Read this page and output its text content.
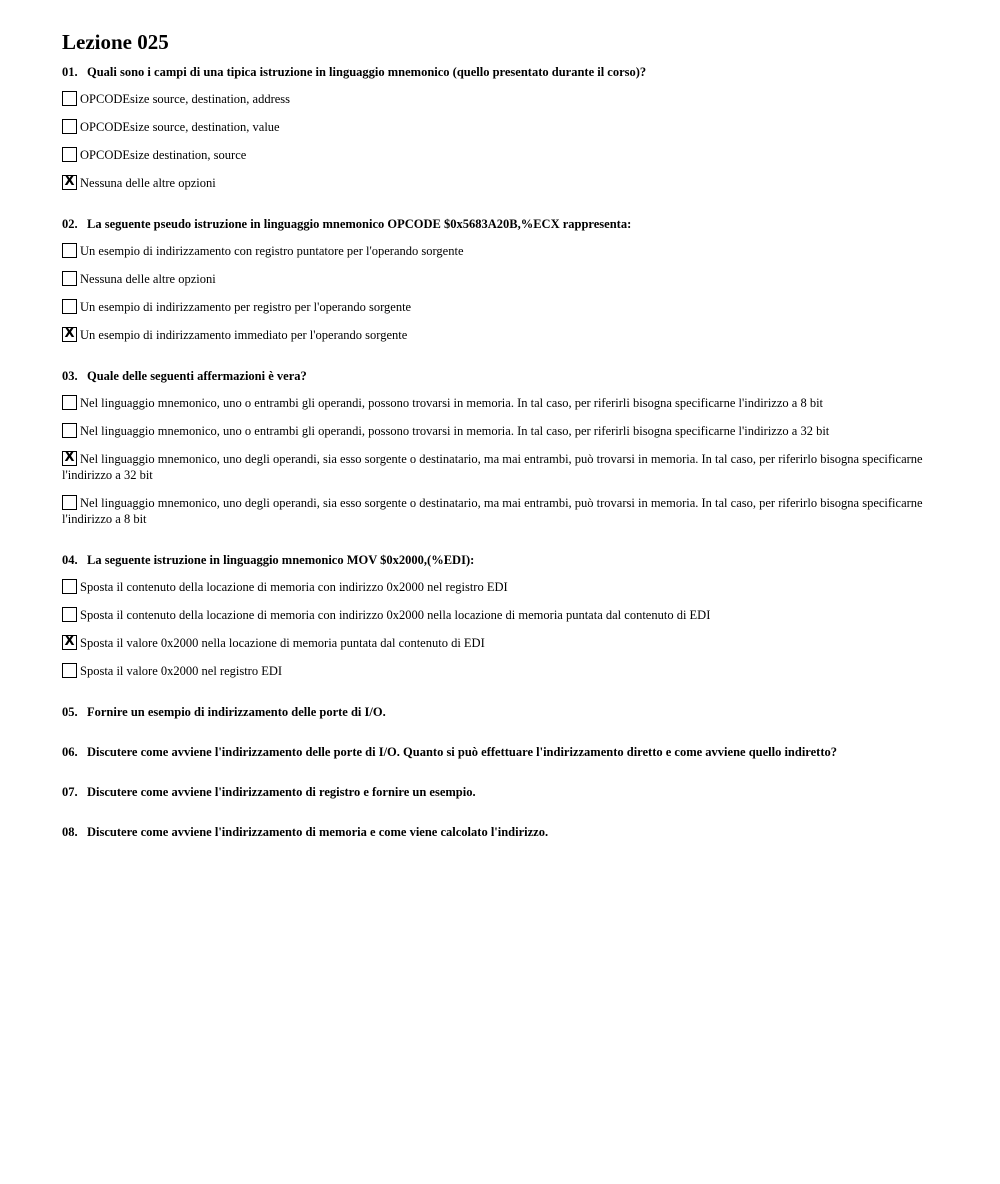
Lezione 025
01. Quali sono i campi di una tipica istruzione in linguaggio mnemonico (quello presentato durante il corso)?
OPCODEsize source, destination, address
OPCODEsize source, destination, value
OPCODEsize destination, source
X Nessuna delle altre opzioni
02. La seguente pseudo istruzione in linguaggio mnemonico OPCODE $0x5683A20B,%ECX rappresenta:
Un esempio di indirizzamento con registro puntatore per l'operando sorgente
Nessuna delle altre opzioni
Un esempio di indirizzamento per registro per l'operando sorgente
X Un esempio di indirizzamento immediato per l'operando sorgente
03. Quale delle seguenti affermazioni è vera?
Nel linguaggio mnemonico, uno o entrambi gli operandi, possono trovarsi in memoria. In tal caso, per riferirli bisogna specificarne l'indirizzo a 8 bit
Nel linguaggio mnemonico, uno o entrambi gli operandi, possono trovarsi in memoria. In tal caso, per riferirli bisogna specificarne l'indirizzo a 32 bit
X Nel linguaggio mnemonico, uno degli operandi, sia esso sorgente o destinatario, ma mai entrambi, può trovarsi in memoria. In tal caso, per riferirlo bisogna specificarne l'indirizzo a 32 bit
Nel linguaggio mnemonico, uno degli operandi, sia esso sorgente o destinatario, ma mai entrambi, può trovarsi in memoria. In tal caso, per riferirlo bisogna specificarne l'indirizzo a 8 bit
04. La seguente istruzione in linguaggio mnemonico MOV $0x2000,(%EDI):
Sposta il contenuto della locazione di memoria con indirizzo 0x2000 nel registro EDI
Sposta il contenuto della locazione di memoria con indirizzo 0x2000 nella locazione di memoria puntata dal contenuto di EDI
X Sposta il valore 0x2000 nella locazione di memoria puntata dal contenuto di EDI
Sposta il valore 0x2000 nel registro EDI
05. Fornire un esempio di indirizzamento delle porte di I/O.
06. Discutere come avviene l'indirizzamento delle porte di I/O. Quanto si può effettuare l'indirizzamento diretto e come avviene quello indiretto?
07. Discutere come avviene l'indirizzamento di registro e fornire un esempio.
08. Discutere come avviene l'indirizzamento di memoria e come viene calcolato l'indirizzo.
